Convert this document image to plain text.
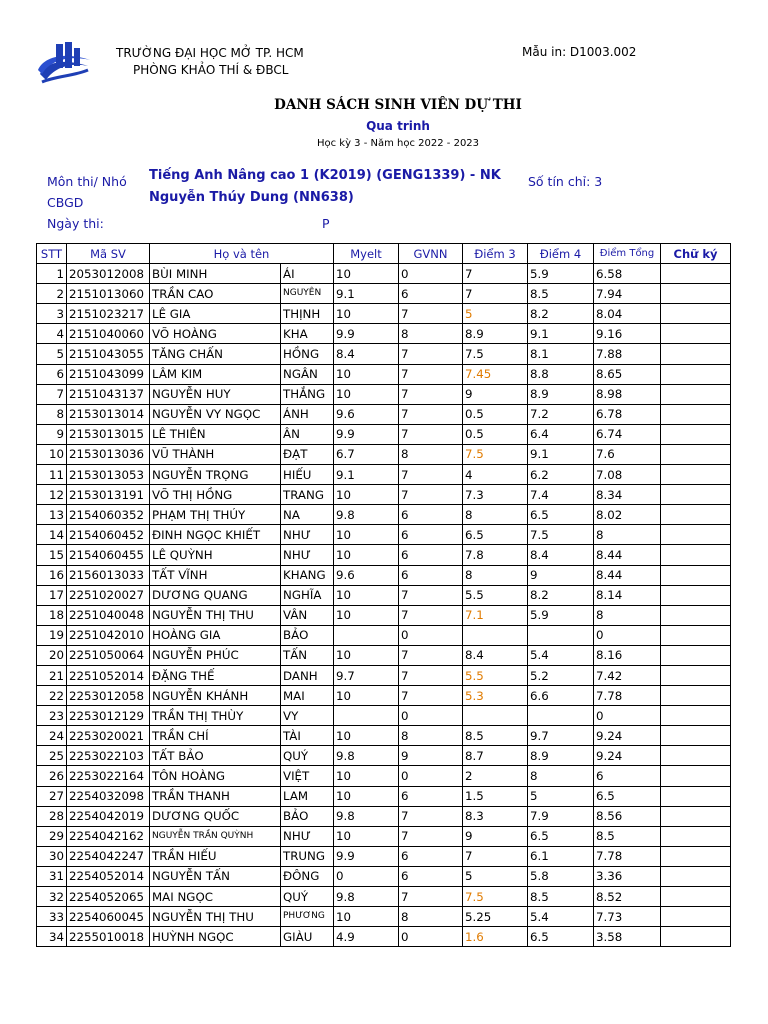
TRƯỜNG ĐẠI HỌC MỞ TP. HCM
PHÒNG KHẢO THÍ & ĐBCL
Mẫu in: D1003.002
DANH SÁCH SINH VIÊN DỰ THI
Qua trinh
Học kỳ 3 - Năm học 2022 - 2023
Môn thi/ Nhó
CBGD
Ngày thi:
Tiếng Anh Nâng cao 1 (K2019) (GENG1339) - NK
Nguyễn Thúy Dung (NN638)
Số tín chỉ: 3
P
STT	Mã SV	Họ và tên		Myelt	GVNN	Điểm 3	Điểm 4	Điểm Tổng	Chữ ký
1	2053012008	BÙI MINH	ÁI	10	0	7	5.9	6.58	
2	2151013060	TRẦN CAO	NGUYÊN	9.1	6	7	8.5	7.94	
3	2151023217	LÊ GIA	THỊNH	10	7	5	8.2	8.04	
4	2151040060	VÕ HOÀNG	KHA	9.9	8	8.9	9.1	9.16	
5	2151043055	TĂNG CHẤN	HỒNG	8.4	7	7.5	8.1	7.88	
6	2151043099	LÂM KIM	NGÂN	10	7	7.45	8.8	8.65	
7	2151043137	NGUYỄN HUY	THẮNG	10	7	9	8.9	8.98	
8	2153013014	NGUYỄN VY NGỌC	ÁNH	9.6	7	0.5	7.2	6.78	
9	2153013015	LÊ THIÊN	ÂN	9.9	7	0.5	6.4	6.74	
10	2153013036	VŨ THÀNH	ĐẠT	6.7	8	7.5	9.1	7.6	
11	2153013053	NGUYỄN TRỌNG	HIẾU	9.1	7	4	6.2	7.08	
12	2153013191	VÕ THỊ HỒNG	TRANG	10	7	7.3	7.4	8.34	
13	2154060352	PHẠM THỊ THÚY	NA	9.8	6	8	6.5	8.02	
14	2154060452	ĐINH NGỌC KHIẾT	NHƯ	10	6	6.5	7.5	8	
15	2154060455	LÊ QUỲNH	NHƯ	10	6	7.8	8.4	8.44	
16	2156013033	TẤT VĨNH	KHANG	9.6	6	8	9	8.44	
17	2251020027	DƯƠNG QUANG	NGHĨA	10	7	5.5	8.2	8.14	
18	2251040048	NGUYỄN THỊ THU	VÂN	10	7	7.1	5.9	8	
19	2251042010	HOÀNG GIA	BẢO		0			0	
20	2251050064	NGUYỄN PHÚC	TẤN	10	7	8.4	5.4	8.16	
21	2251052014	ĐẶNG THẾ	DANH	9.7	7	5.5	5.2	7.42	
22	2253012058	NGUYỄN KHÁNH	MAI	10	7	5.3	6.6	7.78	
23	2253012129	TRẦN THỊ THÙY	VY		0			0	
24	2253020021	TRẦN CHÍ	TÀI	10	8	8.5	9.7	9.24	
25	2253022103	TẤT BẢO	QUÝ	9.8	9	8.7	8.9	9.24	
26	2253022164	TÔN HOÀNG	VIỆT	10	0	2	8	6	
27	2254032098	TRẦN THANH	LAM	10	6	1.5	5	6.5	
28	2254042019	DƯƠNG QUỐC	BẢO	9.8	7	8.3	7.9	8.56	
29	2254042162	NGUYỄN TRẦN QUỲNH	NHƯ	10	7	9	6.5	8.5	
30	2254042247	TRẦN HIẾU	TRUNG	9.9	6	7	6.1	7.78	
31	2254052014	NGUYỄN TẤN	ĐÔNG	0	6	5	5.8	3.36	
32	2254052065	MAI NGỌC	QUÝ	9.8	7	7.5	8.5	8.52	
33	2254060045	NGUYỄN THỊ THU	PHƯƠNG	10	8	5.25	5.4	7.73	
34	2255010018	HUỲNH NGỌC	GIÀU	4.9	0	1.6	6.5	3.58	
